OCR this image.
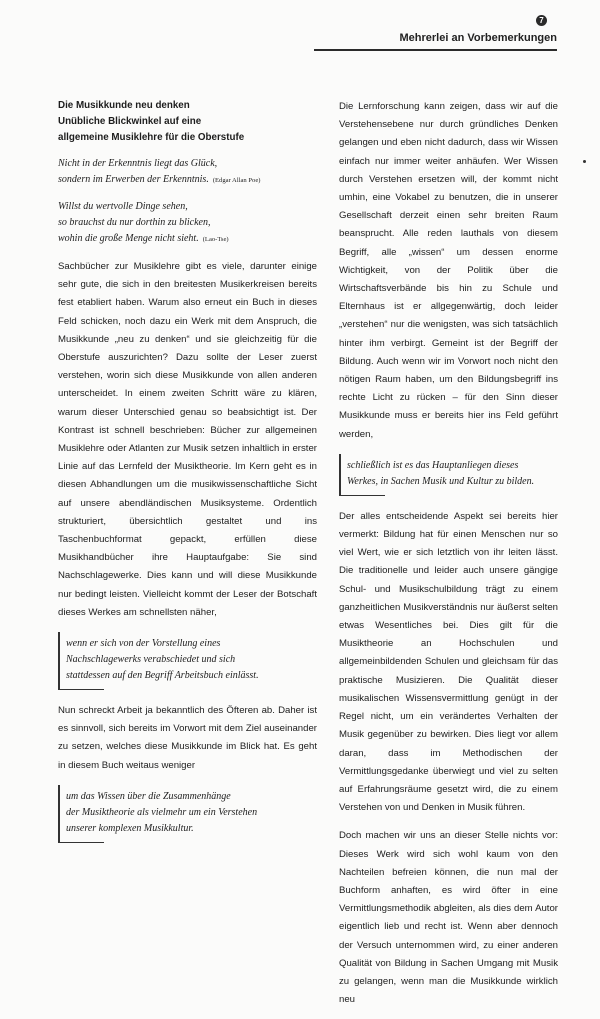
7
Mehrerlei an Vorbemerkungen
Die Musikkunde neu denken
Unübliche Blickwinkel auf eine
allgemeine Musiklehre für die Oberstufe
Nicht in der Erkenntnis liegt das Glück,
sondern im Erwerben der Erkenntnis. (Edgar Allan Poe)
Willst du wertvolle Dinge sehen,
so brauchst du nur dorthin zu blicken,
wohin die große Menge nicht sieht. (Lao-Tse)

Sachbücher zur Musiklehre gibt es viele, darunter einige sehr gute, die sich in den breitesten Musikerkreisen bereits fest etabliert haben. Warum also erneut ein Buch in dieses Feld schicken, noch dazu ein Werk mit dem Anspruch, die Musikkunde „neu zu denken“ und sie gleichzeitig für die Oberstufe auszurichten? Dazu sollte der Leser zuerst verstehen, worin sich diese Musikkunde von allen anderen unterscheidet. In einem zweiten Schritt wäre zu klären, warum dieser Unterschied genau so beabsichtigt ist. Der Kontrast ist schnell beschrieben: Bücher zur allgemeinen Musiklehre oder Atlanten zur Musik setzen inhaltlich in erster Linie auf das Lernfeld der Musiktheorie. Im Kern geht es in diesen Abhandlungen um die musikwissenschaftliche Sicht auf unsere abendländischen Musiksysteme. Ordentlich strukturiert, übersichtlich gestaltet und ins Taschenbuchformat gepackt, erfüllen diese Musikhandbücher ihre Hauptaufgabe: Sie sind Nachschlagewerke. Dies kann und will diese Musikkunde nur bedingt leisten. Vielleicht kommt der Leser der Botschaft dieses Werkes am schnellsten näher,

wenn er sich von der Vorstellung eines
Nachschlagewerks verabschiedet und sich
stattdessen auf den Begriff Arbeitsbuch einlässt.

Nun schreckt Arbeit ja bekanntlich des Öfteren ab. Daher ist es sinnvoll, sich bereits im Vorwort mit dem Ziel auseinander zu setzen, welches diese Musikkunde im Blick hat. Es geht in diesem Buch weitaus weniger

um das Wissen über die Zusammenhänge
der Musiktheorie als vielmehr um ein Verstehen
unserer komplexen Musikkultur.

Die Lernforschung kann zeigen, dass wir auf die Verstehensebene nur durch gründliches Denken gelangen und eben nicht dadurch, dass wir Wissen einfach nur immer weiter anhäufen. Wer Wissen durch Verstehen ersetzen will, der kommt nicht umhin, eine Vokabel zu benutzen, die in unserer Gesellschaft derzeit einen sehr breiten Raum beansprucht. Alle reden lauthals von diesem Begriff, alle „wissen“ um dessen enorme Wichtigkeit, von der Politik über die Wirtschaftsverbände bis hin zu Schule und Elternhaus ist er allgegenwärtig, doch leider „verstehen“ nur die wenigsten, was sich tatsächlich hinter ihm verbirgt. Gemeint ist der Begriff der Bildung. Auch wenn wir im Vorwort noch nicht den nötigen Raum haben, um den Bildungsbegriff ins rechte Licht zu rücken – für den Sinn dieser Musikkunde muss er bereits hier ins Feld geführt werden,

schließlich ist es das Hauptanliegen dieses
Werkes, in Sachen Musik und Kultur zu bilden.

Der alles entscheidende Aspekt sei bereits hier vermerkt: Bildung hat für einen Menschen nur so viel Wert, wie er sich letztlich von ihr leiten lässt. Die traditionelle und leider auch unsere gängige Schul- und Musikschulbildung trägt zu einem ganzheitlichen Musikverständnis nur äußerst selten etwas Wesentliches bei. Dies gilt für die Musiktheorie an Hochschulen und allgemeinbildenden Schulen und gleichsam für das praktische Musizieren. Die Qualität dieser musikalischen Wissensvermittlung genügt in der Regel nicht, um ein verändertes Verhalten der Musik gegenüber zu bewirken. Dies liegt vor allem daran, dass im Methodischen der Vermittlungsgedanke überwiegt und viel zu selten auf Erfahrungsräume gesetzt wird, die zu einem Verstehen von und Denken in Musik führen.

Doch machen wir uns an dieser Stelle nichts vor: Dieses Werk wird sich wohl kaum von den Nachteilen befreien können, die nun mal der Buchform anhaften, es wird öfter in eine Vermittlungsmethodik abgleiten, als dies dem Autor eigentlich lieb und recht ist. Wenn aber dennoch der Versuch unternommen wird, zu einer anderen Qualität von Bildung in Sachen Umgang mit Musik zu gelangen, wenn man die Musikkunde wirklich neu
